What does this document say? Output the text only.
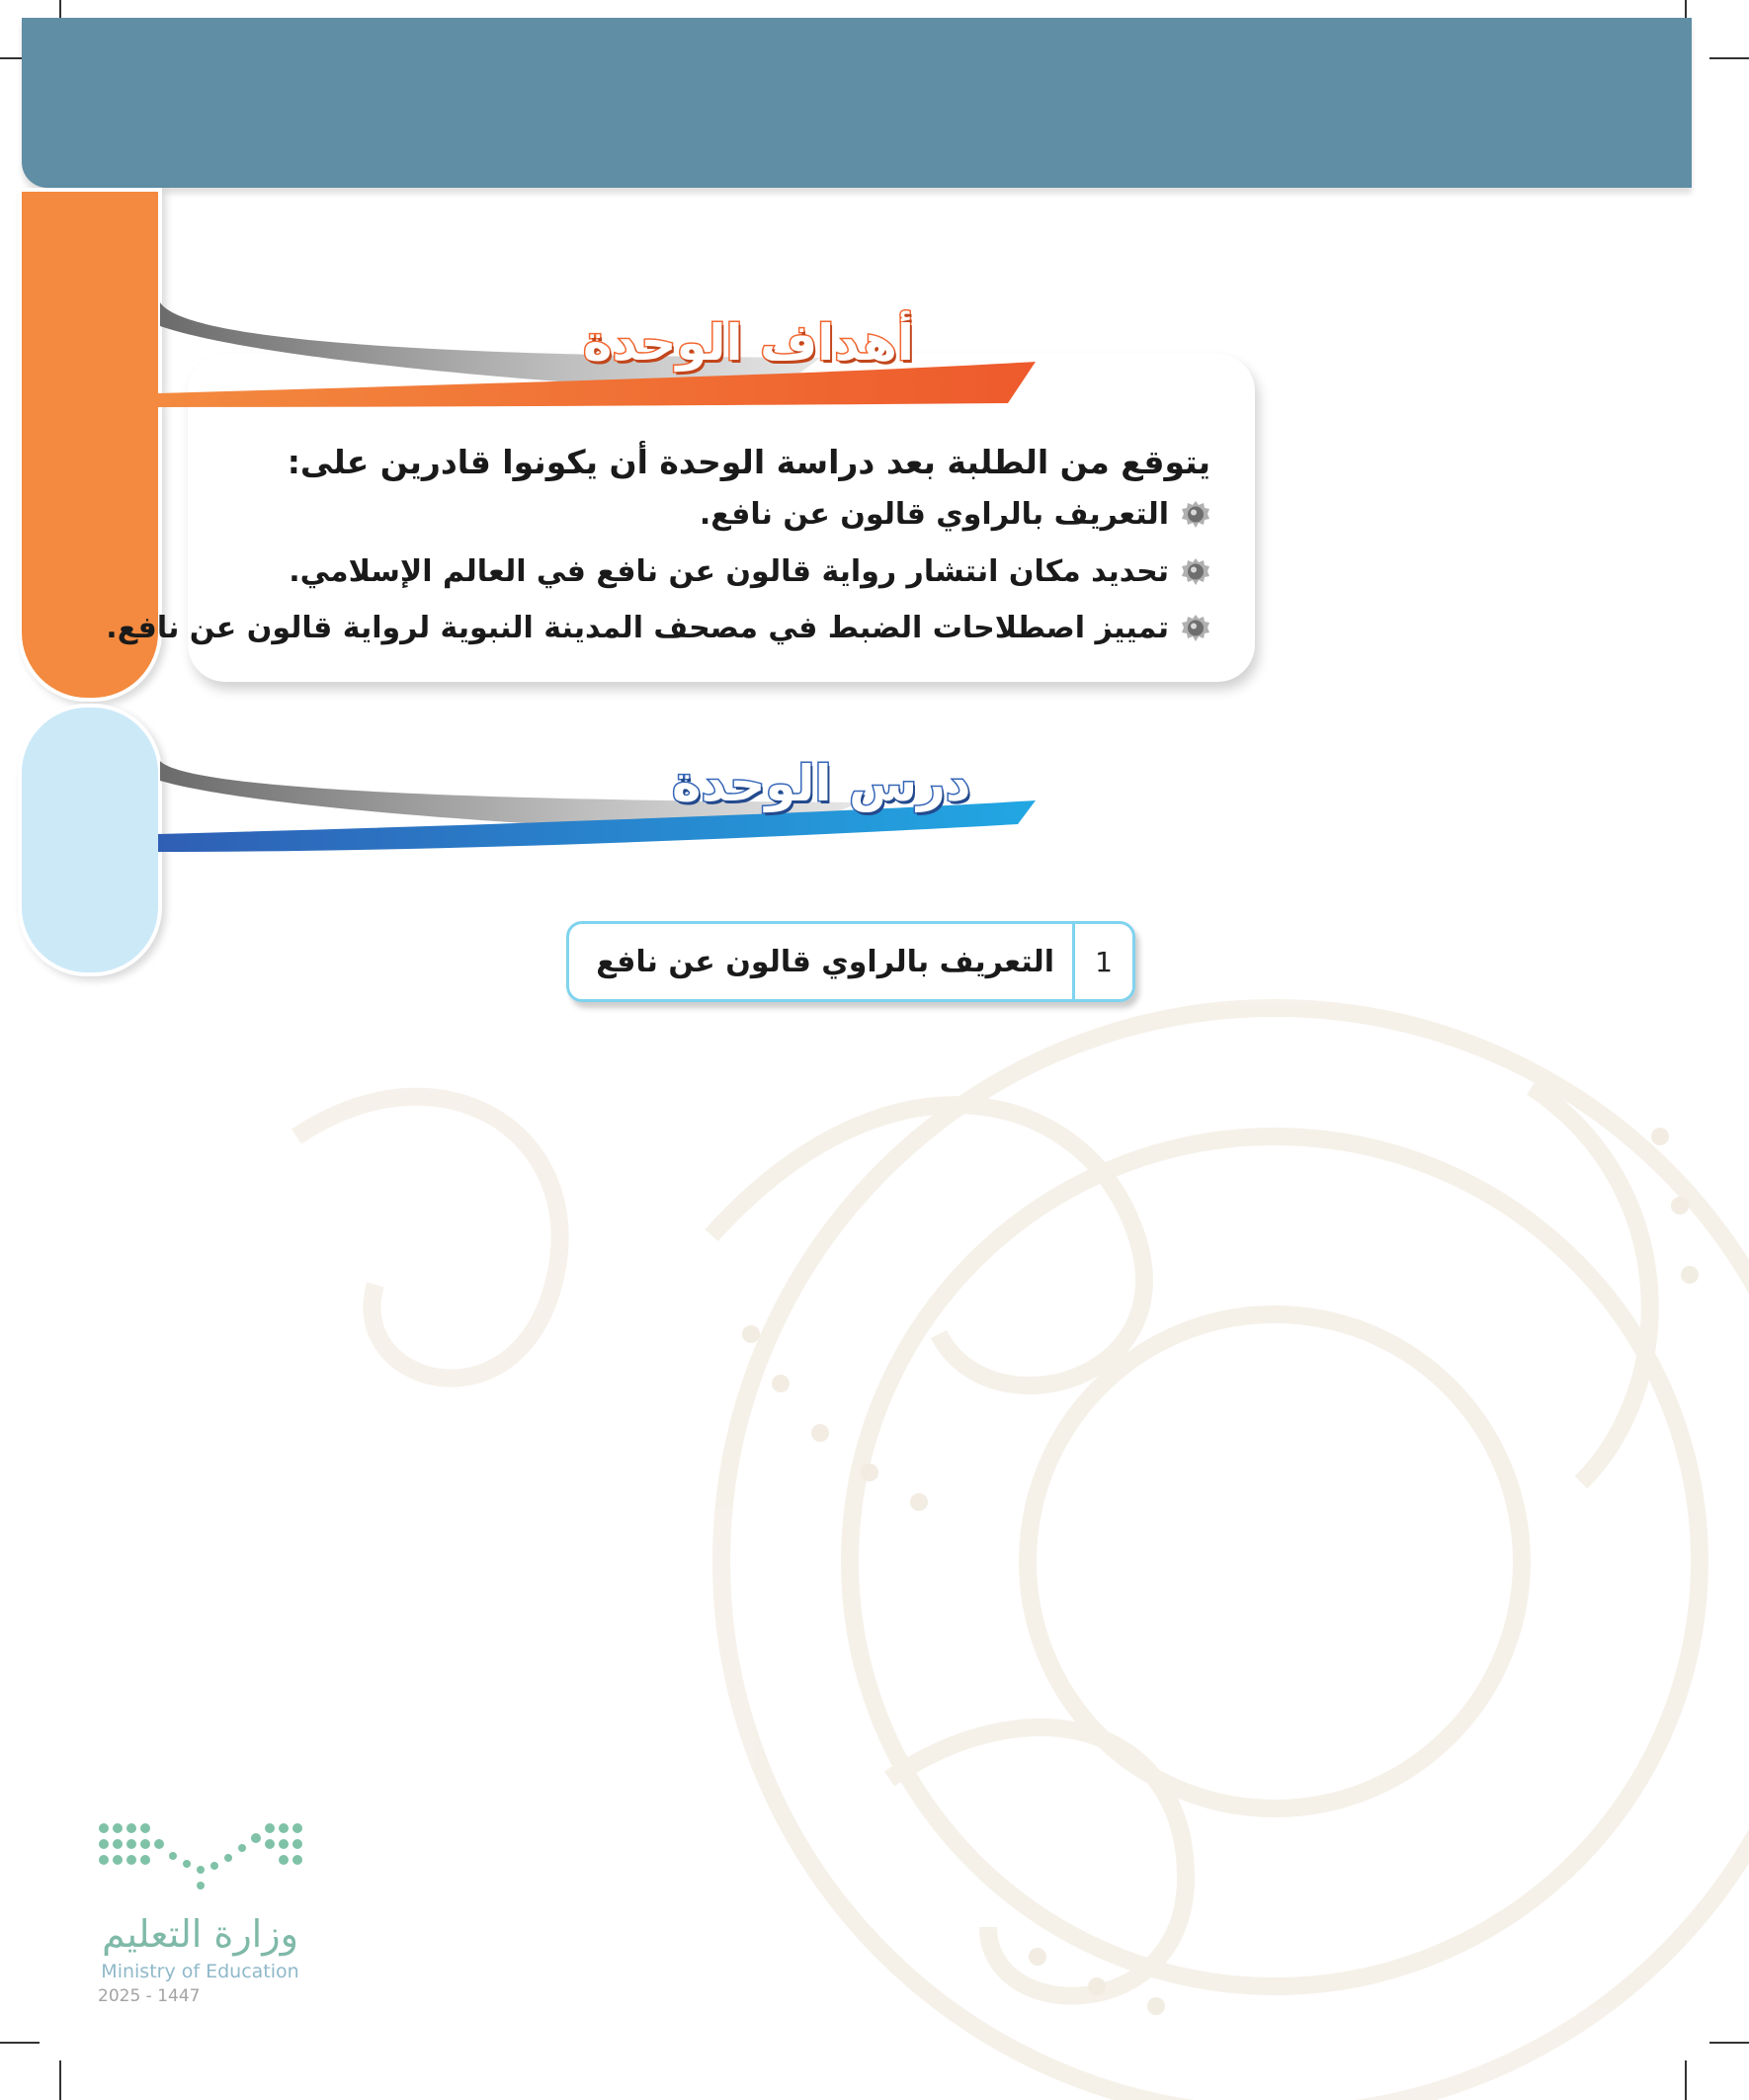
أهداف الوحدة
درس الوحدة
يتوقع من الطلبة بعد دراسة الوحدة أن يكونوا قادرين على:
التعريف بالراوي قالون عن نافع.
تحديد مكان انتشار رواية قالون عن نافع في العالم الإسلامي.
تمييز اصطلاحات الضبط في مصحف المدينة النبوية لرواية قالون عن نافع.
1
التعريف بالراوي قالون عن نافع
وزارة التعليم
Ministry of Education
2025 - 1447
